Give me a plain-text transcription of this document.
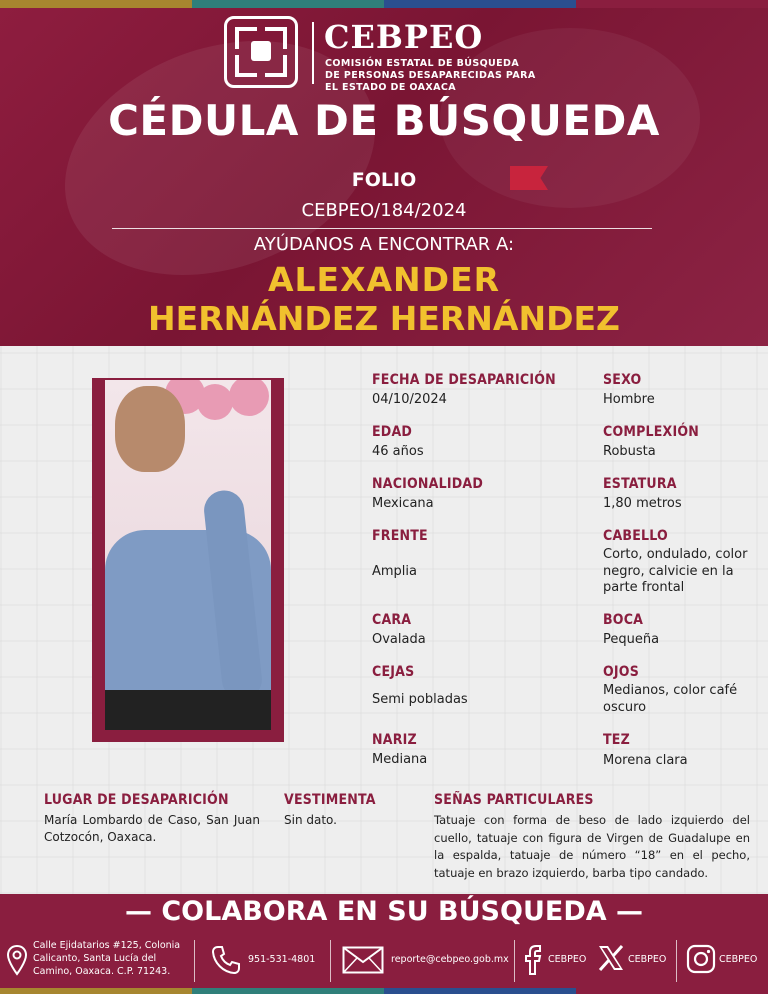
CEBPEO
COMISIÓN ESTATAL DE BÚSQUEDA
DE PERSONAS DESAPARECIDAS PARA
EL ESTADO DE OAXACA
CÉDULA DE BÚSQUEDA
FOLIO
CEBPEO/184/2024
AYÚDANOS A ENCONTRAR A:
ALEXANDER
HERNÁNDEZ HERNÁNDEZ
FECHA DE DESAPARICIÓN
04/10/2024
EDAD
46 años
NACIONALIDAD
Mexicana
FRENTE
Amplia
CARA
Ovalada
CEJAS
Semi pobladas
NARIZ
Mediana
SEXO
Hombre
COMPLEXIÓN
Robusta
ESTATURA
1,80 metros
CABELLO
Corto, ondulado, color negro, calvicie en la parte frontal
BOCA
Pequeña
OJOS
Medianos, color café oscuro
TEZ
Morena clara
LUGAR DE DESAPARICIÓN
María Lombardo de Caso, San Juan Cotzocón, Oaxaca.
VESTIMENTA
Sin dato.
SEÑAS PARTICULARES
Tatuaje con forma de beso de lado izquierdo del cuello, tatuaje con figura de Virgen de Guadalupe en la espalda, tatuaje de número “18” en el pecho, tatuaje en brazo izquierdo, barba tipo candado.
— COLABORA EN SU BÚSQUEDA —
Calle Ejidatarios #125, Colonia Calicanto, Santa Lucía del Camino, Oaxaca. C.P. 71243.
951-531-4801	reporte@cebpeo.gob.mx	CEBPEO	CEBPEO	CEBPEO
